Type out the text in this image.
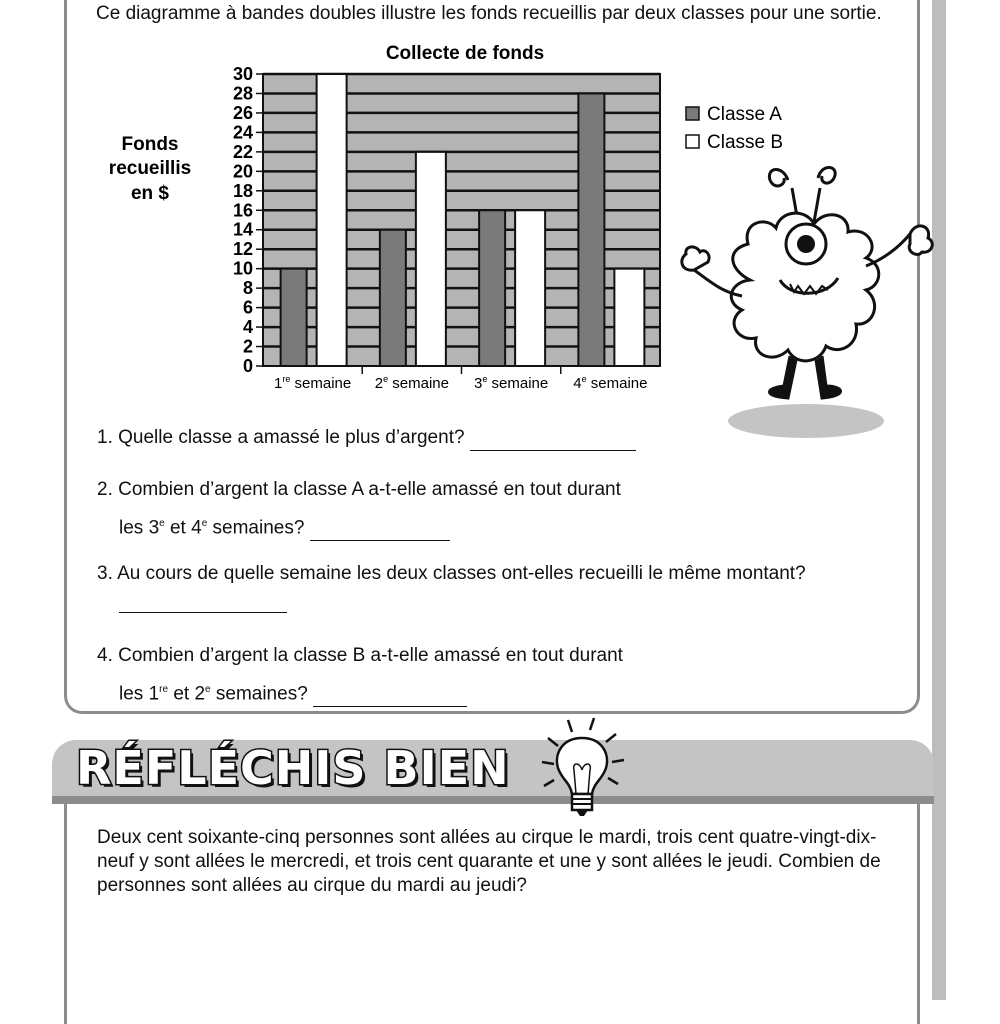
Ce diagramme à bandes doubles illustre les fonds recueillis par deux classes pour une sortie.

Collecte de fonds
Fonds
recueillis
en $
0
2
4
6
8
10
12
14
16
18
20
22
24
26
28
30
1re semaine 2e semaine 3e semaine 4e semaine
Classe A
Classe B

1. Quelle classe a amassé le plus d’argent?

2. Combien d’argent la classe A a-t-elle amassé en tout durant

les 3e et 4e semaines?

3. Au cours de quelle semaine les deux classes ont-elles recueilli le même montant?

4. Combien d’argent la classe B a-t-elle amassé en tout durant

les 1re et 2e semaines?

RÉFLÉCHIS BIEN

Deux cent soixante-cinq personnes sont allées au cirque le mardi, trois cent quatre-vingt-dix-neuf y sont allées le mercredi, et trois cent quarante et une y sont allées le jeudi. Combien de personnes sont allées au cirque du mardi au jeudi?
